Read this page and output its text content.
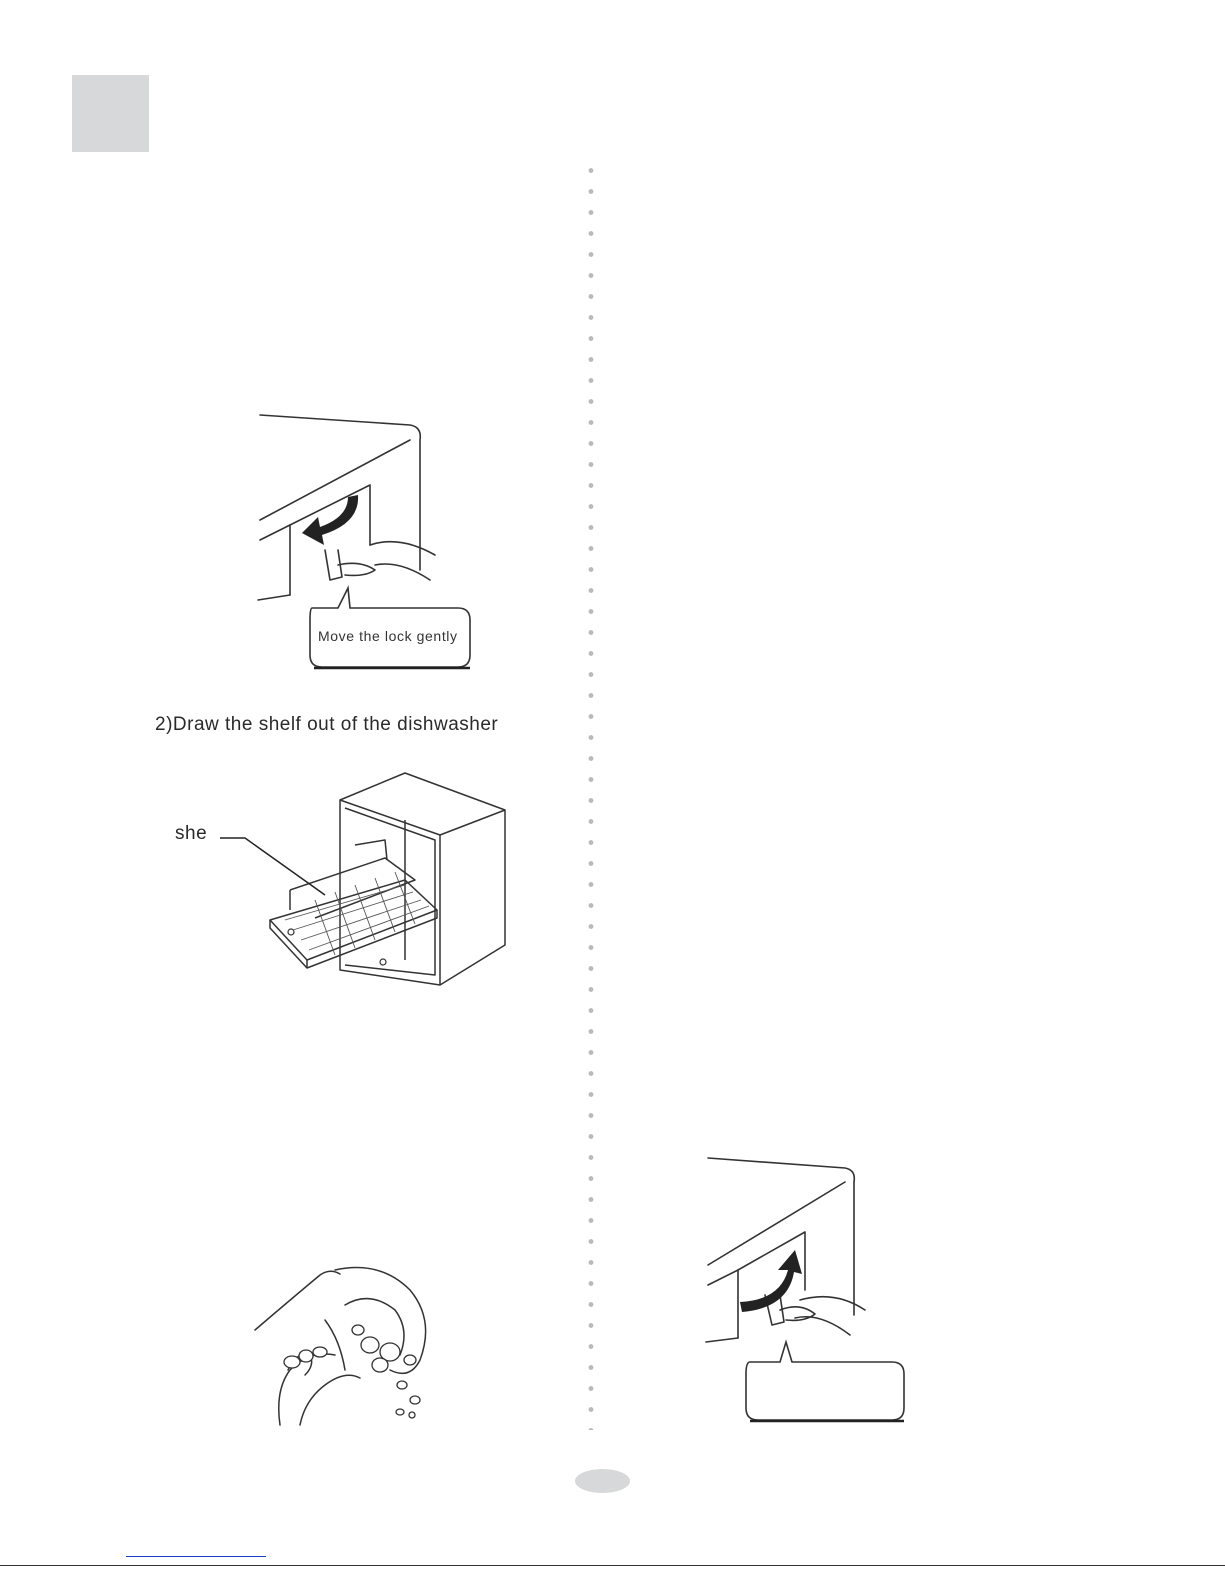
Move the lock gently
2)Draw the shelf out of the dishwasher
she
